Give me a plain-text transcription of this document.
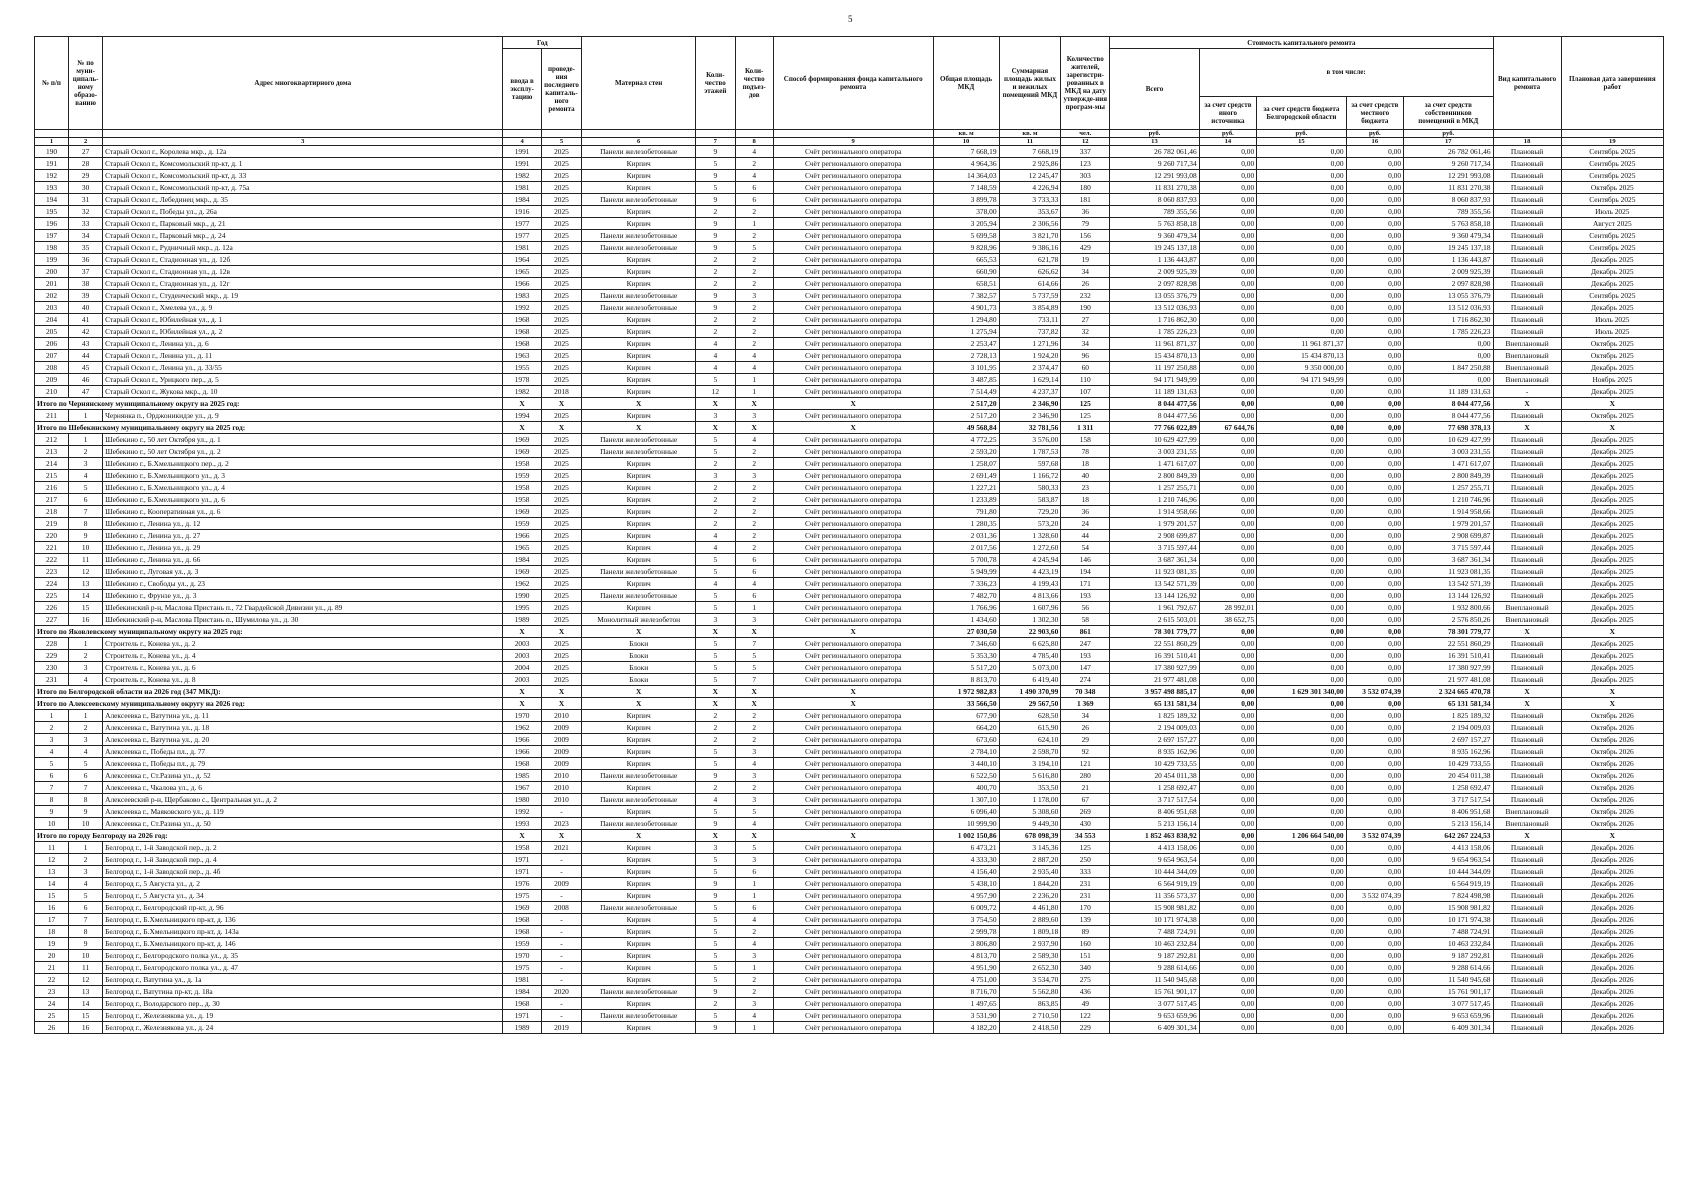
5
№ п/п	№ по муни-ципаль-ному образо-ванию	Адрес многоквартирного дома	Год		Материал стен	Коли-чество этажей	Коли-чество подъез-дов	Способ формирования фонда капитального ремонта	Общая площадь МКД	Суммарная площадь жилых и нежилых помещений МКД	Количество жителей, зарегистри-рованных в МКД на дату утвержде-ния програм-мы	Стоимость капитального ремонта					Вид капитального ремонта	Плановая дата завершения работ
			ввода в эксплу-тацию	проведе-ния последнего капиталь-ного ремонта								Всего	в том числе:					
													за счет средств иного источника	за счет средств бюджета Белгородской области	за счет средств местного бюджета	за счет средств собственников помещений в МКД		
									кв. м	кв. м	чел.	руб.	руб.	руб.	руб.	руб.		
1	2	3	4	5	6	7	8	9	10	11	12	13	14	15	16	17	18	19
190	27	Старый Оскол г., Королева мкр., д. 12а	1991	2025	Панели железобетонные	9	4	Счёт регионального оператора	7 668,19	7 668,19	337	26 782 061,46	0,00	0,00	0,00	26 782 061,46	Плановый	Сентябрь 2025
191	28	Старый Оскол г., Комсомольский пр-кт, д. 1	1991	2025	Кирпич	5	2	Счёт регионального оператора	4 964,36	2 925,86	123	9 260 717,34	0,00	0,00	0,00	9 260 717,34	Плановый	Сентябрь 2025
192	29	Старый Оскол г., Комсомольский пр-кт, д. 33	1982	2025	Кирпич	9	4	Счёт регионального оператора	14 364,03	12 245,47	303	12 291 993,08	0,00	0,00	0,00	12 291 993,08	Плановый	Сентябрь 2025
193	30	Старый Оскол г., Комсомольский пр-кт, д. 75а	1981	2025	Кирпич	5	6	Счёт регионального оператора	7 148,59	4 226,94	180	11 831 270,38	0,00	0,00	0,00	11 831 270,38	Плановый	Октябрь 2025
194	31	Старый Оскол г., Лебединец мкр., д. 35	1984	2025	Панели железобетонные	9	6	Счёт регионального оператора	3 899,78	3 733,33	181	8 060 837,93	0,00	0,00	0,00	8 060 837,93	Плановый	Сентябрь 2025
195	32	Старый Оскол г., Победы ул., д. 26а	1916	2025	Кирпич	2	2	Счёт регионального оператора	378,00	353,67	36	789 355,56	0,00	0,00	0,00	789 355,56	Плановый	Июль 2025
196	33	Старый Оскол г., Парковый мкр., д. 21	1977	2025	Кирпич	9	1	Счёт регионального оператора	3 205,94	2 306,56	79	5 763 858,18	0,00	0,00	0,00	5 763 858,18	Плановый	Август 2025
197	34	Старый Оскол г., Парковый мкр., д. 24	1977	2025	Панели железобетонные	9	2	Счёт регионального оператора	5 699,58	3 821,70	156	9 360 479,34	0,00	0,00	0,00	9 360 479,34	Плановый	Сентябрь 2025
198	35	Старый Оскол г., Рудничный мкр., д. 12а	1981	2025	Панели железобетонные	9	5	Счёт регионального оператора	9 828,96	9 386,16	429	19 245 137,18	0,00	0,00	0,00	19 245 137,18	Плановый	Сентябрь 2025
199	36	Старый Оскол г., Стадионная ул., д. 12б	1964	2025	Кирпич	2	2	Счёт регионального оператора	665,53	621,78	19	1 136 443,87	0,00	0,00	0,00	1 136 443,87	Плановый	Декабрь 2025
200	37	Старый Оскол г., Стадионная ул., д. 12в	1965	2025	Кирпич	2	2	Счёт регионального оператора	660,90	626,62	34	2 009 925,39	0,00	0,00	0,00	2 009 925,39	Плановый	Декабрь 2025
201	38	Старый Оскол г., Стадионная ул., д. 12г	1966	2025	Кирпич	2	2	Счёт регионального оператора	658,51	614,66	26	2 097 828,98	0,00	0,00	0,00	2 097 828,98	Плановый	Декабрь 2025
202	39	Старый Оскол г., Студенческий мкр., д. 19	1983	2025	Панели железобетонные	9	3	Счёт регионального оператора	7 382,57	5 737,59	232	13 055 376,79	0,00	0,00	0,00	13 055 376,79	Плановый	Сентябрь 2025
203	40	Старый Оскол г., Хмелева ул., д. 9	1992	2025	Панели железобетонные	9	2	Счёт регионального оператора	4 901,73	3 854,89	190	13 512 036,93	0,00	0,00	0,00	13 512 036,93	Плановый	Декабрь 2025
204	41	Старый Оскол г., Юбилейная ул., д. 1	1968	2025	Кирпич	2	2	Счёт регионального оператора	1 294,80	733,11	27	1 716 862,30	0,00	0,00	0,00	1 716 862,30	Плановый	Июль 2025
205	42	Старый Оскол г., Юбилейная ул., д. 2	1968	2025	Кирпич	2	2	Счёт регионального оператора	1 275,94	737,82	32	1 785 226,23	0,00	0,00	0,00	1 785 226,23	Плановый	Июль 2025
206	43	Старый Оскол г., Ленина ул., д. 6	1968	2025	Кирпич	4	2	Счёт регионального оператора	2 253,47	1 271,96	34	11 961 871,37	0,00	11 961 871,37	0,00	0,00	Внеплановый	Октябрь 2025
207	44	Старый Оскол г., Ленина ул., д. 11	1963	2025	Кирпич	4	4	Счёт регионального оператора	2 728,13	1 924,20	96	15 434 870,13	0,00	15 434 870,13	0,00	0,00	Внеплановый	Октябрь 2025
208	45	Старый Оскол г., Ленина ул., д. 33/55	1955	2025	Кирпич	4	4	Счёт регионального оператора	3 101,95	2 374,47	60	11 197 250,88	0,00	9 350 000,00	0,00	1 847 250,88	Внеплановый	Декабрь 2025
209	46	Старый Оскол г., Урицкого пер., д. 5	1978	2025	Кирпич	5	1	Счёт регионального оператора	3 487,85	1 629,14	110	94 171 949,99	0,00	94 171 949,99	0,00	0,00	Внеплановый	Ноябрь 2025
210	47	Старый Оскол г., Жукова мкр., д. 10	1982	2018	Кирпич	12	1	Счёт регионального оператора	7 514,49	4 237,37	107	11 189 131,63	0,00	0,00	0,00	11 189 131,63	-	Декабрь 2025
Итого по Чернянскому муниципальному округу на 2025 год:			X	X	X	X	X	X	2 517,20	2 346,90	125	8 044 477,56	0,00	0,00	0,00	8 044 477,56	X	X
211	1	Чернянка п., Орджоникидзе ул., д. 9	1994	2025	Кирпич	3	3	Счёт регионального оператора	2 517,20	2 346,90	125	8 044 477,56	0,00	0,00	0,00	8 044 477,56	Плановый	Октябрь 2025
Итого по Шебекинскому муниципальному округу на 2025 год:			X	X	X	X	X	X	49 568,84	32 781,56	1 311	77 766 022,89	67 644,76	0,00	0,00	77 698 378,13	X	X
212	1	Шебекино г., 50 лет Октября ул., д. 1	1969	2025	Панели железобетонные	5	4	Счёт регионального оператора	4 772,25	3 576,00	158	10 629 427,99	0,00	0,00	0,00	10 629 427,99	Плановый	Декабрь 2025
213	2	Шебекино г., 50 лет Октября ул., д. 2	1969	2025	Панели железобетонные	5	2	Счёт регионального оператора	2 593,20	1 787,53	78	3 003 231,55	0,00	0,00	0,00	3 003 231,55	Плановый	Декабрь 2025
214	3	Шебекино г., Б.Хмельницкого пер., д. 2	1958	2025	Кирпич	2	2	Счёт регионального оператора	1 258,07	597,68	18	1 471 617,07	0,00	0,00	0,00	1 471 617,07	Плановый	Декабрь 2025
215	4	Шебекино г., Б.Хмельницкого ул., д. 3	1959	2025	Кирпич	3	3	Счёт регионального оператора	2 691,49	1 166,72	40	2 800 849,39	0,00	0,00	0,00	2 800 849,39	Плановый	Декабрь 2025
216	5	Шебекино г., Б.Хмельницкого ул., д. 4	1958	2025	Кирпич	2	2	Счёт регионального оператора	1 227,21	580,33	23	1 257 255,71	0,00	0,00	0,00	1 257 255,71	Плановый	Декабрь 2025
217	6	Шебекино г., Б.Хмельницкого ул., д. 6	1958	2025	Кирпич	2	2	Счёт регионального оператора	1 233,89	583,87	18	1 210 746,96	0,00	0,00	0,00	1 210 746,96	Плановый	Декабрь 2025
218	7	Шебекино г., Кооперативная ул., д. 6	1969	2025	Кирпич	2	2	Счёт регионального оператора	791,80	729,20	36	1 914 958,66	0,00	0,00	0,00	1 914 958,66	Плановый	Декабрь 2025
219	8	Шебекино г., Ленина ул., д. 12	1959	2025	Кирпич	2	2	Счёт регионального оператора	1 280,35	573,20	24	1 979 201,57	0,00	0,00	0,00	1 979 201,57	Плановый	Декабрь 2025
220	9	Шебекино г., Ленина ул., д. 27	1966	2025	Кирпич	4	2	Счёт регионального оператора	2 031,36	1 328,60	44	2 908 699,87	0,00	0,00	0,00	2 908 699,87	Плановый	Декабрь 2025
221	10	Шебекино г., Ленина ул., д. 29	1965	2025	Кирпич	4	2	Счёт регионального оператора	2 017,56	1 272,60	54	3 715 597,44	0,00	0,00	0,00	3 715 597,44	Плановый	Декабрь 2025
222	11	Шебекино г., Ленина ул., д. 66	1984	2025	Кирпич	5	6	Счёт регионального оператора	5 700,78	4 245,94	146	3 687 361,34	0,00	0,00	0,00	3 687 361,34	Плановый	Декабрь 2025
223	12	Шебекино г., Луговая ул., д. 3	1969	2025	Панели железобетонные	5	6	Счёт регионального оператора	5 949,99	4 423,19	194	11 923 081,35	0,00	0,00	0,00	11 923 081,35	Плановый	Декабрь 2025
224	13	Шебекино г., Свободы ул., д. 23	1962	2025	Кирпич	4	4	Счёт регионального оператора	7 336,23	4 199,43	171	13 542 571,39	0,00	0,00	0,00	13 542 571,39	Плановый	Декабрь 2025
225	14	Шебекино г., Фрунзе ул., д. 3	1990	2025	Панели железобетонные	5	6	Счёт регионального оператора	7 482,70	4 813,66	193	13 144 126,92	0,00	0,00	0,00	13 144 126,92	Плановый	Декабрь 2025
226	15	Шебекинский р-н, Маслова Пристань п., 72 Гвардейской Дивизии ул., д. 89	1995	2025	Кирпич	5	1	Счёт регионального оператора	1 766,96	1 607,96	56	1 961 792,67	28 992,01	0,00	0,00	1 932 800,66	Внеплановый	Декабрь 2025
227	16	Шебекинский р-н, Маслова Пристань п., Шумилова ул., д. 30	1989	2025	Монолитный железобетон	3	3	Счёт регионального оператора	1 434,60	1 302,30	58	2 615 503,01	38 652,75	0,00	0,00	2 576 850,26	Внеплановый	Декабрь 2025
Итого по Яковлевскому муниципальному округу на 2025 год:			X	X	X	X	X	X	27 030,50	22 903,60	861	78 301 779,77	0,00	0,00	0,00	78 301 779,77	X	X
228	1	Строитель г., Конева ул., д. 2	2003	2025	Блоки	5	7	Счёт регионального оператора	7 346,60	6 625,80	247	22 551 860,29	0,00	0,00	0,00	22 551 860,29	Плановый	Декабрь 2025
229	2	Строитель г., Конева ул., д. 4	2003	2025	Блоки	5	5	Счёт регионального оператора	5 353,30	4 785,40	193	16 391 510,41	0,00	0,00	0,00	16 391 510,41	Плановый	Декабрь 2025
230	3	Строитель г., Конева ул., д. 6	2004	2025	Блоки	5	5	Счёт регионального оператора	5 517,20	5 073,00	147	17 380 927,99	0,00	0,00	0,00	17 380 927,99	Плановый	Декабрь 2025
231	4	Строитель г., Конева ул., д. 8	2003	2025	Блоки	5	7	Счёт регионального оператора	8 813,70	6 419,40	274	21 977 481,08	0,00	0,00	0,00	21 977 481,08	Плановый	Декабрь 2025
Итого по Белгородской области на 2026 год (347 МКД):			X	X	X	X	X	X	1 972 982,83	1 490 370,99	70 348	3 957 498 885,17	0,00	1 629 301 340,00	3 532 074,39	2 324 665 470,78	X	X
Итого по Алексеевскому муниципальному округу на 2026 год:			X	X	X	X	X	X	33 566,50	29 567,50	1 369	65 131 581,34	0,00	0,00	0,00	65 131 581,34	X	X
1	1	Алексеевка г., Ватутина ул., д. 11	1970	2010	Кирпич	2	2	Счёт регионального оператора	677,90	628,50	34	1 825 189,32	0,00	0,00	0,00	1 825 189,32	Плановый	Октябрь 2026
2	2	Алексеевка г., Ватутина ул., д. 18	1962	2009	Кирпич	2	2	Счёт регионального оператора	664,20	615,90	26	2 194 009,03	0,00	0,00	0,00	2 194 009,03	Плановый	Октябрь 2026
3	3	Алексеевка г., Ватутина ул., д. 20	1966	2009	Кирпич	2	2	Счёт регионального оператора	673,60	624,10	29	2 697 157,27	0,00	0,00	0,00	2 697 157,27	Плановый	Октябрь 2026
4	4	Алексеевка г., Победы пл., д. 77	1966	2009	Кирпич	5	3	Счёт регионального оператора	2 784,10	2 598,70	92	8 935 162,96	0,00	0,00	0,00	8 935 162,96	Плановый	Октябрь 2026
5	5	Алексеевка г., Победы пл., д. 79	1968	2009	Кирпич	5	4	Счёт регионального оператора	3 440,10	3 194,10	121	10 429 733,55	0,00	0,00	0,00	10 429 733,55	Плановый	Октябрь 2026
6	6	Алексеевка г., Ст.Разина ул., д. 52	1985	2010	Панели железобетонные	9	3	Счёт регионального оператора	6 522,50	5 616,80	280	20 454 011,38	0,00	0,00	0,00	20 454 011,38	Плановый	Октябрь 2026
7	7	Алексеевка г., Чкалова ул., д. 6	1967	2010	Кирпич	2	2	Счёт регионального оператора	400,70	353,50	21	1 258 692,47	0,00	0,00	0,00	1 258 692,47	Плановый	Октябрь 2026
8	8	Алексеевский р-н, Щербаково с., Центральная ул., д. 2	1980	2010	Панели железобетонные	4	3	Счёт регионального оператора	1 307,10	1 178,00	67	3 717 517,54	0,00	0,00	0,00	3 717 517,54	Плановый	Октябрь 2026
9	9	Алексеевка г., Маяковского ул., д. 119	1992	-	Кирпич	5	5	Счёт регионального оператора	6 096,40	5 308,60	269	8 406 951,68	0,00	0,00	0,00	8 406 951,68	Внеплановый	Октябрь 2026
10	10	Алексеевка г., Ст.Разина ул., д. 50	1993	2023	Панели железобетонные	9	4	Счёт регионального оператора	10 999,90	9 449,30	430	5 213 156,14	0,00	0,00	0,00	5 213 156,14	Внеплановый	Октябрь 2026
Итого по городу Белгороду на 2026 год:			X	X	X	X	X	X	1 002 150,86	678 098,39	34 553	1 852 463 838,92	0,00	1 206 664 540,00	3 532 074,39	642 267 224,53	X	X
11	1	Белгород г., 1-й Заводской пер., д. 2	1958	2021	Кирпич	3	5	Счёт регионального оператора	6 473,21	3 145,36	125	4 413 158,06	0,00	0,00	0,00	4 413 158,06	Плановый	Декабрь 2026
12	2	Белгород г., 1-й Заводской пер., д. 4	1971	-	Кирпич	5	3	Счёт регионального оператора	4 333,30	2 887,20	250	9 654 963,54	0,00	0,00	0,00	9 654 963,54	Плановый	Декабрь 2026
13	3	Белгород г., 1-й Заводской пер., д. 4б	1971	-	Кирпич	5	6	Счёт регионального оператора	4 156,40	2 935,40	333	10 444 344,09	0,00	0,00	0,00	10 444 344,09	Плановый	Декабрь 2026
14	4	Белгород г., 5 Августа ул., д. 2	1976	2009	Кирпич	9	1	Счёт регионального оператора	5 438,10	1 844,20	231	6 564 919,19	0,00	0,00	0,00	6 564 919,19	Плановый	Декабрь 2026
15	5	Белгород г., 5 Августа ул., д. 34	1975	-	Кирпич	9	1	Счёт регионального оператора	4 957,90	2 236,20	231	11 356 573,37	0,00	0,00	3 532 074,39	7 824 498,98	Плановый	Декабрь 2026
16	6	Белгород г., Белгородский пр-кт, д. 96	1969	2008	Панели железобетонные	5	6	Счёт регионального оператора	6 009,72	4 461,80	170	15 908 981,82	0,00	0,00	0,00	15 908 981,82	Плановый	Декабрь 2026
17	7	Белгород г., Б.Хмельницкого пр-кт, д. 136	1968	-	Кирпич	5	4	Счёт регионального оператора	3 754,50	2 889,60	139	10 171 974,38	0,00	0,00	0,00	10 171 974,38	Плановый	Декабрь 2026
18	8	Белгород г., Б.Хмельницкого пр-кт, д. 143а	1968	-	Кирпич	5	2	Счёт регионального оператора	2 999,78	1 809,18	89	7 488 724,91	0,00	0,00	0,00	7 488 724,91	Плановый	Декабрь 2026
19	9	Белгород г., Б.Хмельницкого пр-кт, д. 146	1959	-	Кирпич	5	4	Счёт регионального оператора	3 806,80	2 937,90	160	10 463 232,84	0,00	0,00	0,00	10 463 232,84	Плановый	Декабрь 2026
20	10	Белгород г., Белгородского полка ул., д. 35	1970	-	Кирпич	5	3	Счёт регионального оператора	4 813,70	2 589,30	151	9 187 292,81	0,00	0,00	0,00	9 187 292,81	Плановый	Декабрь 2026
21	11	Белгород г., Белгородского полка ул., д. 47	1975	-	Кирпич	5	1	Счёт регионального оператора	4 951,90	2 652,30	340	9 288 614,66	0,00	0,00	0,00	9 288 614,66	Плановый	Декабрь 2026
22	12	Белгород г., Ватутина ул., д. 1а	1981	-	Кирпич	5	2	Счёт регионального оператора	4 751,00	3 534,70	275	11 540 945,68	0,00	0,00	0,00	11 540 945,68	Плановый	Декабрь 2026
23	13	Белгород г., Ватутина пр-кт, д. 18а	1984	2020	Панели железобетонные	9	2	Счёт регионального оператора	8 716,70	5 562,80	436	15 761 901,17	0,00	0,00	0,00	15 761 901,17	Плановый	Декабрь 2026
24	14	Белгород г., Володарского пер., д. 30	1968	-	Кирпич	2	3	Счёт регионального оператора	1 497,65	863,85	49	3 077 517,45	0,00	0,00	0,00	3 077 517,45	Плановый	Декабрь 2026
25	15	Белгород г., Железнякова ул., д. 19	1971	-	Панели железобетонные	5	4	Счёт регионального оператора	3 531,90	2 710,50	122	9 653 659,96	0,00	0,00	0,00	9 653 659,96	Плановый	Декабрь 2026
26	16	Белгород г., Железнякова ул., д. 24	1989	2019	Кирпич	9	1	Счёт регионального оператора	4 182,20	2 418,50	229	6 409 301,34	0,00	0,00	0,00	6 409 301,34	Плановый	Декабрь 2026
